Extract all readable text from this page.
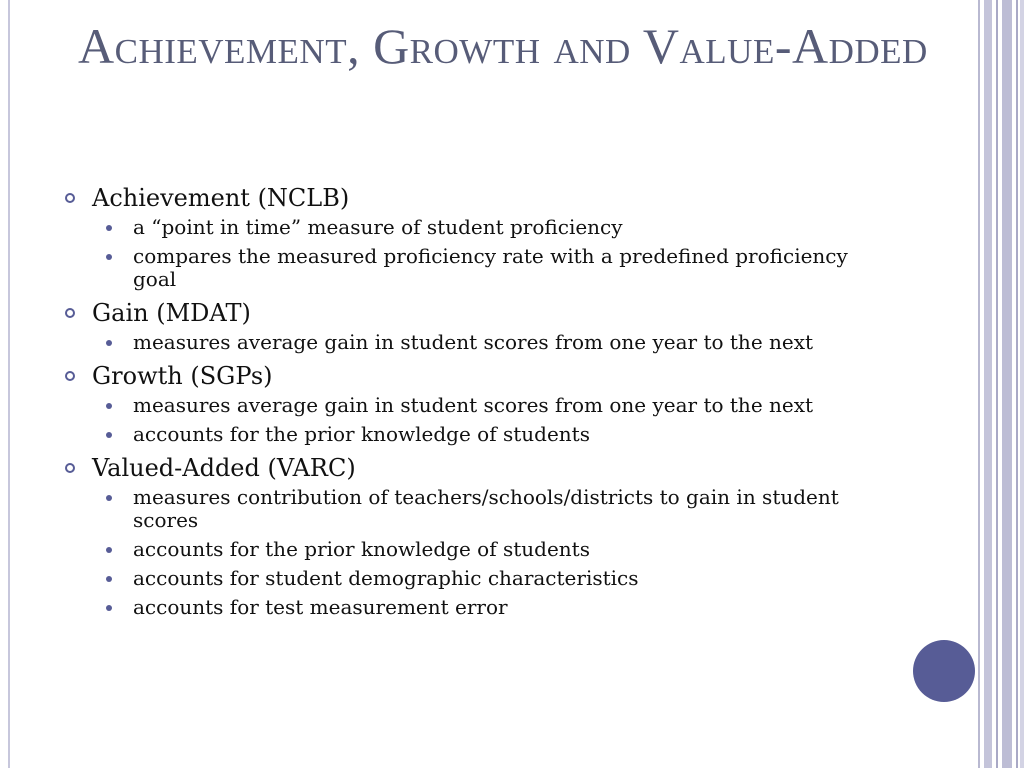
Achievement, Growth and Value-Added
Achievement (NCLB)
a “point in time” measure of student proficiency
compares the measured proficiency rate with a predefined proficiency goal
Gain (MDAT)
measures average gain in student scores from one year to the next
Growth (SGPs)
measures average gain in student scores from one year to the next
accounts for the prior knowledge of students
Valued-Added (VARC)
measures contribution of teachers/schools/districts to gain in student scores
accounts for the prior knowledge of students
accounts for student demographic characteristics
accounts for test measurement error
